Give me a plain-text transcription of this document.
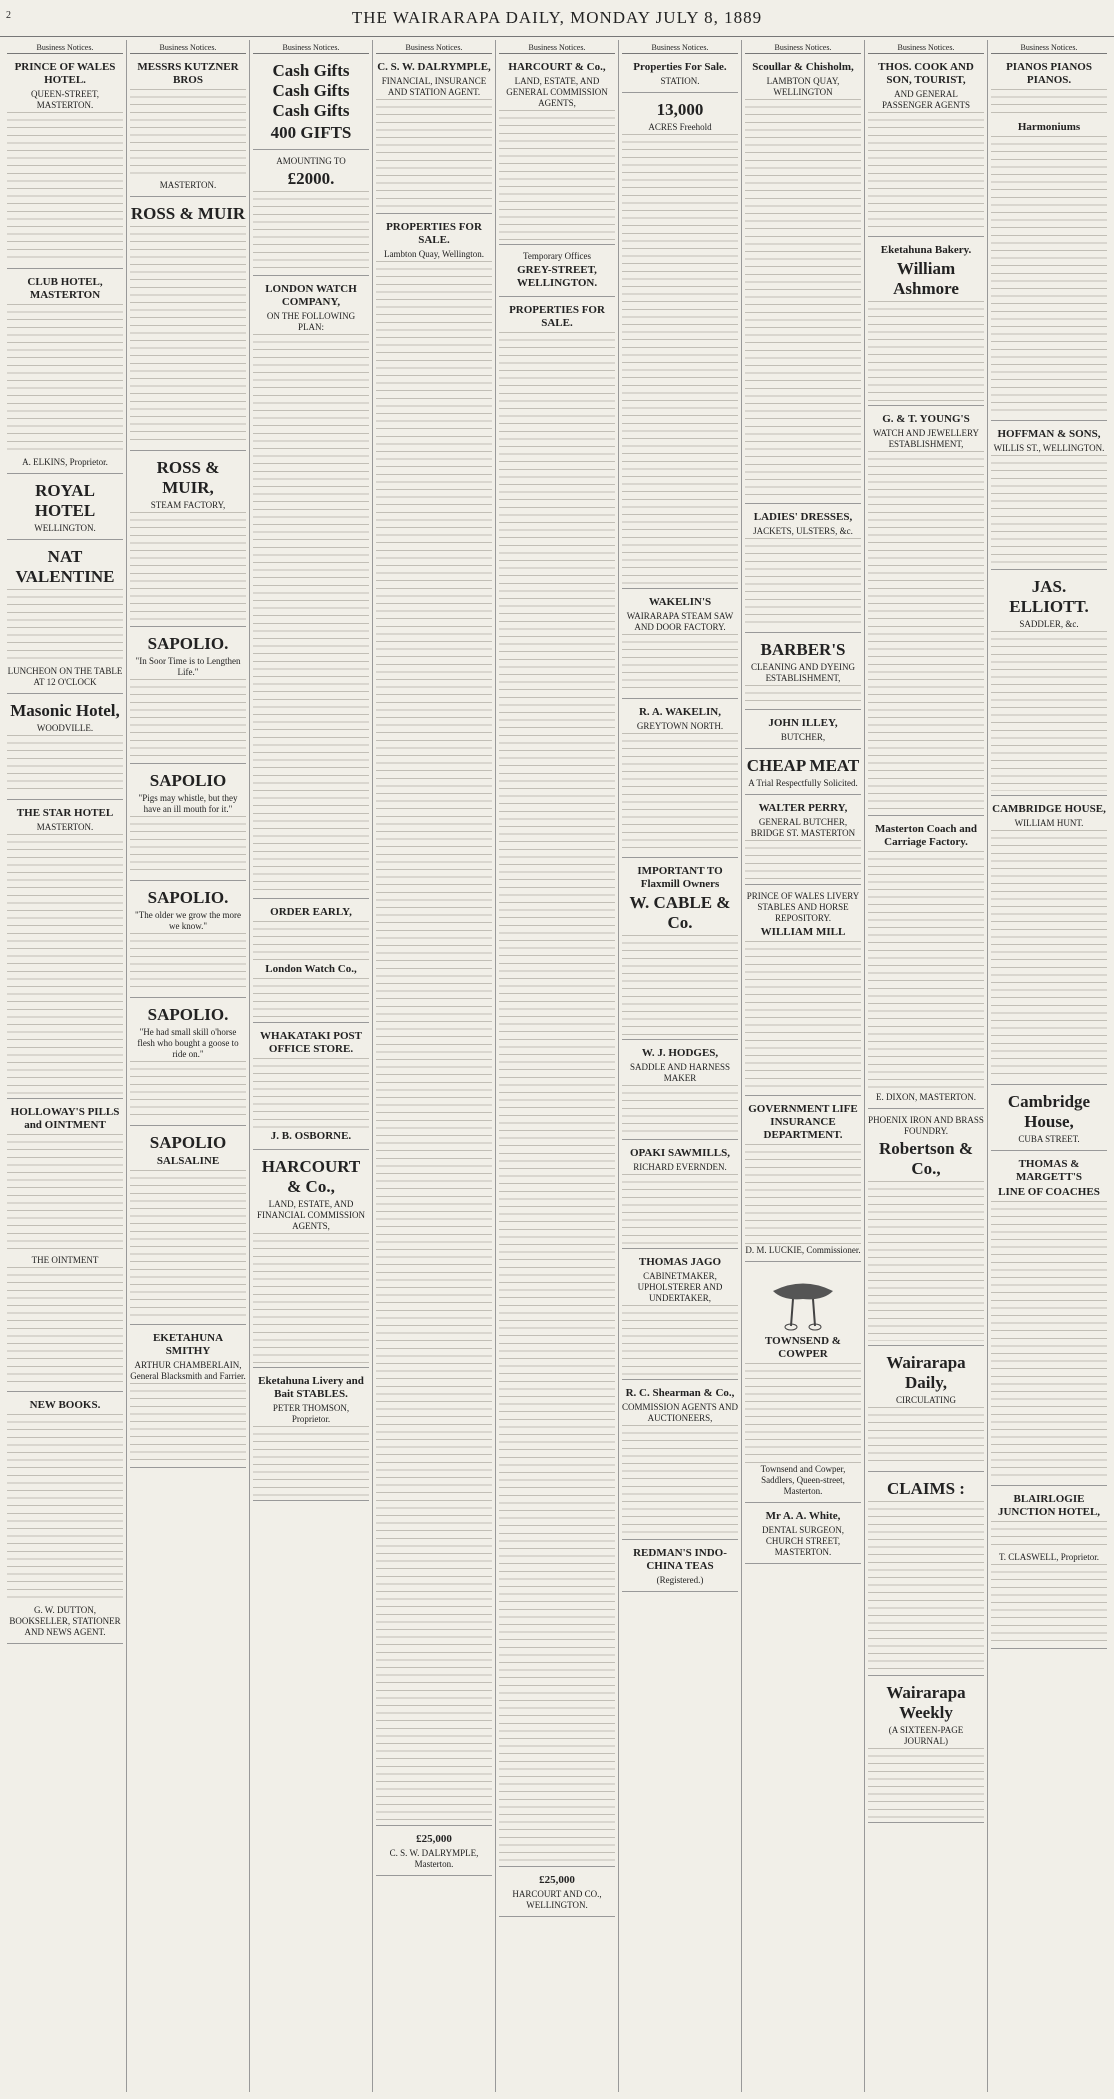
2	THE WAIRARAPA DAILY, MONDAY JULY 8, 1889
Business Notices.
PRINCE OF WALES HOTEL.
QUEEN-STREET, MASTERTON.
CLUB HOTEL, MASTERTON
A. ELKINS, Proprietor.
ROYAL HOTEL
WELLINGTON.
NAT VALENTINE
LUNCHEON ON THE TABLE AT 12 O'CLOCK
Masonic Hotel,
WOODVILLE.
THE STAR HOTEL
MASTERTON.
HOLLOWAY'S PILLS and OINTMENT
THE OINTMENT
NEW BOOKS.
G. W. DUTTON, BOOKSELLER, STATIONER AND NEWS AGENT.
Business Notices.
MESSRS KUTZNER BROS
MASTERTON.
ROSS & MUIR
ROSS & MUIR,
STEAM FACTORY,
SAPOLIO.
"In Soor Time is to Lengthen Life."
SAPOLIO
"Pigs may whistle, but they have an ill mouth for it."
SAPOLIO.
"The older we grow the more we know."
SAPOLIO.
"He had small skill o'horse flesh who bought a goose to ride on."
SAPOLIO
SALSALINE
EKETAHUNA SMITHY
ARTHUR CHAMBERLAIN, General Blacksmith and Farrier.
Business Notices.
Cash Gifts Cash Gifts Cash Gifts
400 GIFTS
AMOUNTING TO
£2000.
LONDON WATCH COMPANY,
ON THE FOLLOWING PLAN:
ORDER EARLY,
London Watch Co.,
WHAKATAKI POST OFFICE STORE.
J. B. OSBORNE.
HARCOURT & Co.,
LAND, ESTATE, AND FINANCIAL COMMISSION AGENTS,
Eketahuna Livery and Bait STABLES.
PETER THOMSON, Proprietor.
Business Notices.
C. S. W. DALRYMPLE,
FINANCIAL, INSURANCE AND STATION AGENT.
PROPERTIES FOR SALE.
Lambton Quay, Wellington.
£25,000
C. S. W. DALRYMPLE, Masterton.
Business Notices.
HARCOURT & Co.,
LAND, ESTATE, AND GENERAL COMMISSION AGENTS,
Temporary Offices
GREY-STREET, WELLINGTON.
PROPERTIES FOR SALE.
£25,000
HARCOURT AND CO., WELLINGTON.
Business Notices.
Properties For Sale.
STATION.
13,000
ACRES Freehold
WAKELIN'S
WAIRARAPA STEAM SAW AND DOOR FACTORY.
R. A. WAKELIN,
GREYTOWN NORTH.
IMPORTANT TO Flaxmill Owners
W. CABLE & Co.
W. J. HODGES,
SADDLE AND HARNESS MAKER
OPAKI SAWMILLS,
RICHARD EVERNDEN.
THOMAS JAGO
CABINETMAKER, UPHOLSTERER AND UNDERTAKER,
R. C. Shearman & Co.,
COMMISSION AGENTS AND AUCTIONEERS,
REDMAN'S INDO-CHINA TEAS
(Registered.)
Business Notices.
Scoullar & Chisholm,
LAMBTON QUAY, WELLINGTON
LADIES' DRESSES,
JACKETS, ULSTERS, &c.
BARBER'S
CLEANING AND DYEING ESTABLISHMENT,
JOHN ILLEY,
BUTCHER,
CHEAP MEAT
A Trial Respectfully Solicited.
WALTER PERRY,
GENERAL BUTCHER, BRIDGE ST. MASTERTON
PRINCE OF WALES LIVERY STABLES AND HORSE REPOSITORY.
WILLIAM MILL
GOVERNMENT LIFE INSURANCE DEPARTMENT.
D. M. LUCKIE, Commissioner.
TOWNSEND & COWPER
Townsend and Cowper, Saddlers, Queen-street, Masterton.
Mr A. A. White,
DENTAL SURGEON, CHURCH STREET, MASTERTON.
Business Notices.
THOS. COOK AND SON, TOURIST,
AND GENERAL PASSENGER AGENTS
Eketahuna Bakery.
William Ashmore
G. & T. YOUNG'S
WATCH AND JEWELLERY ESTABLISHMENT,
Masterton Coach and Carriage Factory.
E. DIXON, MASTERTON.
PHOENIX IRON AND BRASS FOUNDRY.
Robertson & Co.,
Wairarapa Daily,
CIRCULATING
CLAIMS :
Wairarapa Weekly
(A SIXTEEN-PAGE JOURNAL)
Business Notices.
PIANOS PIANOS PIANOS.
Harmoniums
HOFFMAN & SONS,
WILLIS ST., WELLINGTON.
JAS. ELLIOTT.
SADDLER, &c.
CAMBRIDGE HOUSE,
WILLIAM HUNT.
Cambridge House,
CUBA STREET.
THOMAS & MARGETT'S
LINE OF COACHES
BLAIRLOGIE JUNCTION HOTEL,
T. CLASWELL, Proprietor.
